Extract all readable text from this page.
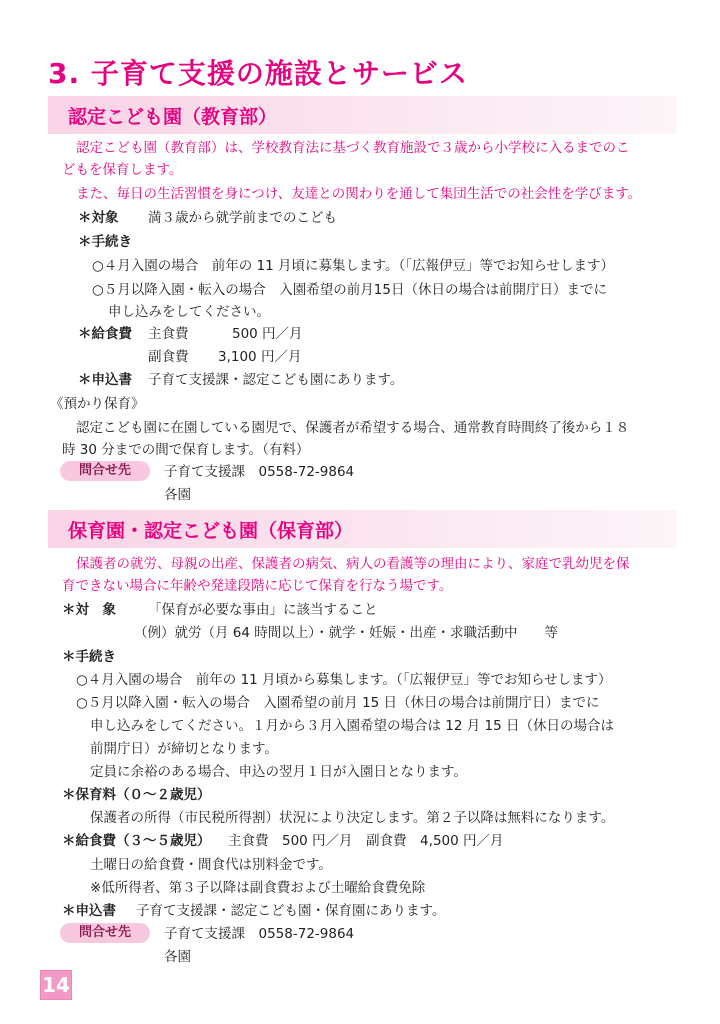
3. 子育て支援の施設とサービス
認定こども園（教育部）
認定こども園（教育部）は、学校教育法に基づく教育施設で３歳から小学校に入るまでのこ
どもを保育します。
また、毎日の生活習慣を身につけ、友達との関わりを通して集団生活での社会性を学びます。
＊対象 満３歳から就学前までのこども
＊手続き
○４月入園の場合　前年の 11 月頃に募集します。（「広報伊豆」等でお知らせします）
○５月以降入園・転入の場合　入園希望の前月15日（休日の場合は前開庁日）までに
申し込みをしてください。
＊給食費 主食費	500 円／月
副食費 3,100 円／月
＊申込書 子育て支援課・認定こども園にあります。
《預かり保育》
認定こども園に在園している園児で、保護者が希望する場合、通常教育時間終了後から１８
時 30 分までの間で保育します。（有料）
問合せ先	子育て支援課　0558-72-9864
各園
保育園・認定こども園（保育部）
保護者の就労、母親の出産、保護者の病気、病人の看護等の理由により、家庭で乳幼児を保
育できない場合に年齢や発達段階に応じて保育を行なう場です。
＊対　象 「保育が必要な事由」に該当すること
（例）就労（月 64 時間以上）・就学・妊娠・出産・求職活動中　　等
＊手続き
○４月入園の場合　前年の 11 月頃から募集します。（「広報伊豆」等でお知らせします）
○５月以降入園・転入の場合　入園希望の前月 15 日（休日の場合は前開庁日）までに
申し込みをしてください。１月から３月入園希望の場合は 12 月 15 日（休日の場合は
前開庁日）が締切となります。
定員に余裕のある場合、申込の翌月１日が入園日となります。
＊保育料（０～２歳児）
保護者の所得（市民税所得割）状況により決定します。第２子以降は無料になります。
＊給食費（３～５歳児） 主食費　500 円／月　副食費　4,500 円／月
土曜日の給食費・間食代は別料金です。
※低所得者、第３子以降は副食費および土曜給食費免除
＊申込書 子育て支援課・認定こども園・保育園にあります。
問合せ先	子育て支援課　0558-72-9864
各園
14
